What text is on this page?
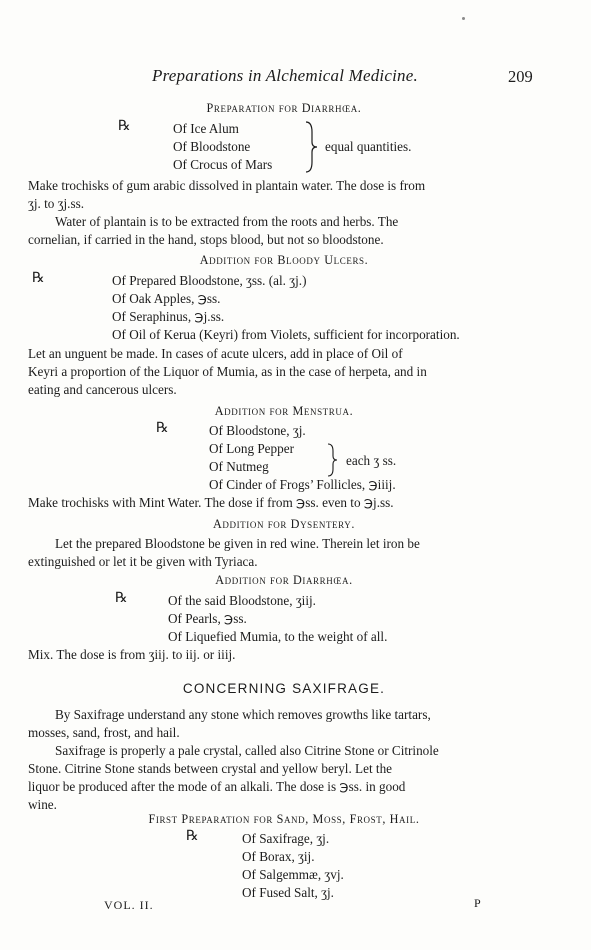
Preparations in Alchemical Medicine.	209
Preparation for Diarrhœa.
℞	Of Ice Alum
Of Bloodstone
Of Crocus of Mars
equal quantities.
Make trochisks of gum arabic dissolved in plantain water. The dose is from
ʒj. to ʒj.ss.
Water of plantain is to be extracted from the roots and herbs. The
cornelian, if carried in the hand, stops blood, but not so bloodstone.
Addition for Bloody Ulcers.
℞	Of Prepared Bloodstone, ʒss. (al. ʒj.)
Of Oak Apples, ℈ss.
Of Seraphinus, ℈j.ss.
Of Oil of Kerua (Keyri) from Violets, sufficient for incorporation.
Let an unguent be made. In cases of acute ulcers, add in place of Oil of
Keyri a proportion of the Liquor of Mumia, as in the case of herpeta, and in
eating and cancerous ulcers.
Addition for Menstrua.
℞	Of Bloodstone, ʒj.
Of Long Pepper
Of Nutmeg	each ʒ ss.
Of Cinder of Frogs’ Follicles, ℈iiij.
Make trochisks with Mint Water. The dose if from ℈ss. even to ℈j.ss.
Addition for Dysentery.
Let the prepared Bloodstone be given in red wine. Therein let iron be
extinguished or let it be given with Tyriaca.
Addition for Diarrhœa.
℞	Of the said Bloodstone, ʒiij.
Of Pearls, ℈ss.
Of Liquefied Mumia, to the weight of all.
Mix. The dose is from ʒiij. to iij. or iiij.
CONCERNING SAXIFRAGE.
By Saxifrage understand any stone which removes growths like tartars,
mosses, sand, frost, and hail.
Saxifrage is properly a pale crystal, called also Citrine Stone or Citrinole
Stone. Citrine Stone stands between crystal and yellow beryl. Let the
liquor be produced after the mode of an alkali. The dose is ℈ss. in good
wine.
First Preparation for Sand, Moss, Frost, Hail.
℞	Of Saxifrage, ʒj.
Of Borax, ʒij.
Of Salgemmæ, ʒvj.
Of Fused Salt, ʒj.
VOL. II.	P
